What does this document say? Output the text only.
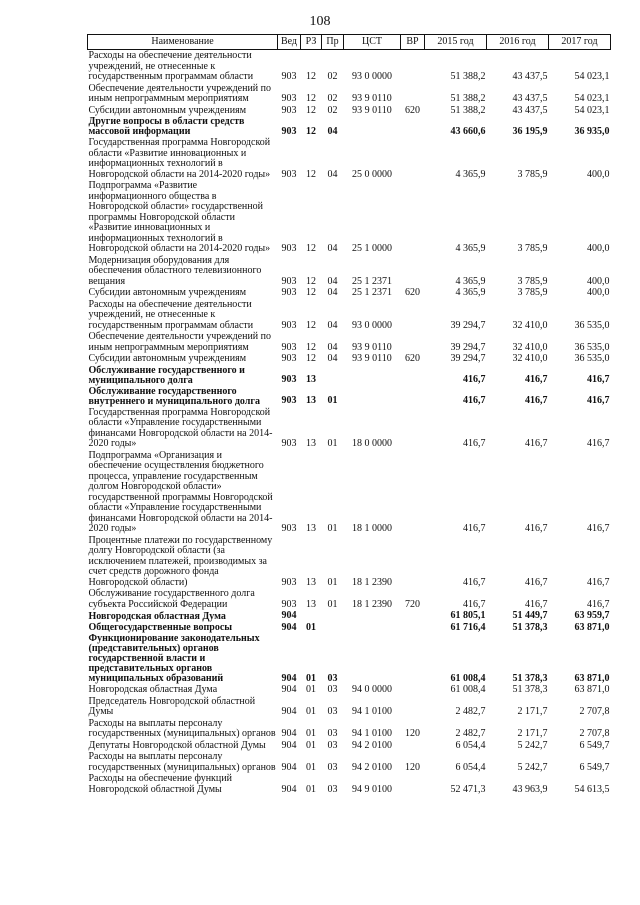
108
Наименование	Вед	РЗ	Пр	ЦСТ	ВР	2015 год	2016 год	2017 год
Расходы на обеспечение деятельности учреждений, не отнесенные к государственным программам области	903	12	02	93 0 0000		51 388,2	43 437,5	54 023,1
Обеспечение деятельности учреждений по иным непрограммным мероприятиям	903	12	02	93 9 0110		51 388,2	43 437,5	54 023,1
Субсидии автономным учреждениям	903	12	02	93 9 0110	620	51 388,2	43 437,5	54 023,1
Другие вопросы в области средств массовой информации	903	12	04			43 660,6	36 195,9	36 935,0
Государственная программа Новгородской области «Развитие инновационных и информационных технологий в Новгородской области на 2014-2020 годы»	903	12	04	25 0 0000		4 365,9	3 785,9	400,0
Подпрограмма «Развитие информационного общества в Новгородской области» государственной программы Новгородской области «Развитие инновационных и информационных технологий в Новгородской области на 2014-2020 годы»	903	12	04	25 1 0000		4 365,9	3 785,9	400,0
Модернизация оборудования для обеспечения областного телевизионного вещания	903	12	04	25 1 2371		4 365,9	3 785,9	400,0
Субсидии автономным учреждениям	903	12	04	25 1 2371	620	4 365,9	3 785,9	400,0
Расходы на обеспечение деятельности учреждений, не отнесенные к государственным программам области	903	12	04	93 0 0000		39 294,7	32 410,0	36 535,0
Обеспечение деятельности учреждений по иным непрограммным мероприятиям	903	12	04	93 9 0110		39 294,7	32 410,0	36 535,0
Субсидии автономным учреждениям	903	12	04	93 9 0110	620	39 294,7	32 410,0	36 535,0
Обслуживание государственного и муниципального долга	903	13				416,7	416,7	416,7
Обслуживание государственного внутреннего и муниципального долга	903	13	01			416,7	416,7	416,7
Государственная программа Новгородской области «Управление государственными финансами Новгородской области на 2014-2020 годы»	903	13	01	18 0 0000		416,7	416,7	416,7
Подпрограмма «Организация и обеспечение осуществления бюджетного процесса, управление государственным долгом Новгородской области» государственной программы Новгородской области «Управление государственными финансами Новгородской области на 2014-2020 годы»	903	13	01	18 1 0000		416,7	416,7	416,7
Процентные платежи по государственному долгу Новгородской области (за исключением платежей, производимых за счет средств дорожного фонда Новгородской области)	903	13	01	18 1 2390		416,7	416,7	416,7
Обслуживание государственного долга субъекта Российской Федерации	903	13	01	18 1 2390	720	416,7	416,7	416,7
Новгородская областная Дума	904					61 805,1	51 449,7	63 959,7
Общегосударственные вопросы	904	01				61 716,4	51 378,3	63 871,0
Функционирование законодательных (представительных) органов государственной власти и представительных органов муниципальных образований	904	01	03			61 008,4	51 378,3	63 871,0
Новгородская областная Дума	904	01	03	94 0 0000		61 008,4	51 378,3	63 871,0
Председатель Новгородской областной Думы	904	01	03	94 1 0100		2 482,7	2 171,7	2 707,8
Расходы на выплаты персоналу государственных (муниципальных) органов	904	01	03	94 1 0100	120	2 482,7	2 171,7	2 707,8
Депутаты Новгородской областной Думы	904	01	03	94 2 0100		6 054,4	5 242,7	6 549,7
Расходы на выплаты персоналу государственных (муниципальных) органов	904	01	03	94 2 0100	120	6 054,4	5 242,7	6 549,7
Расходы на обеспечение функций Новгородской областной Думы	904	01	03	94 9 0100		52 471,3	43 963,9	54 613,5
